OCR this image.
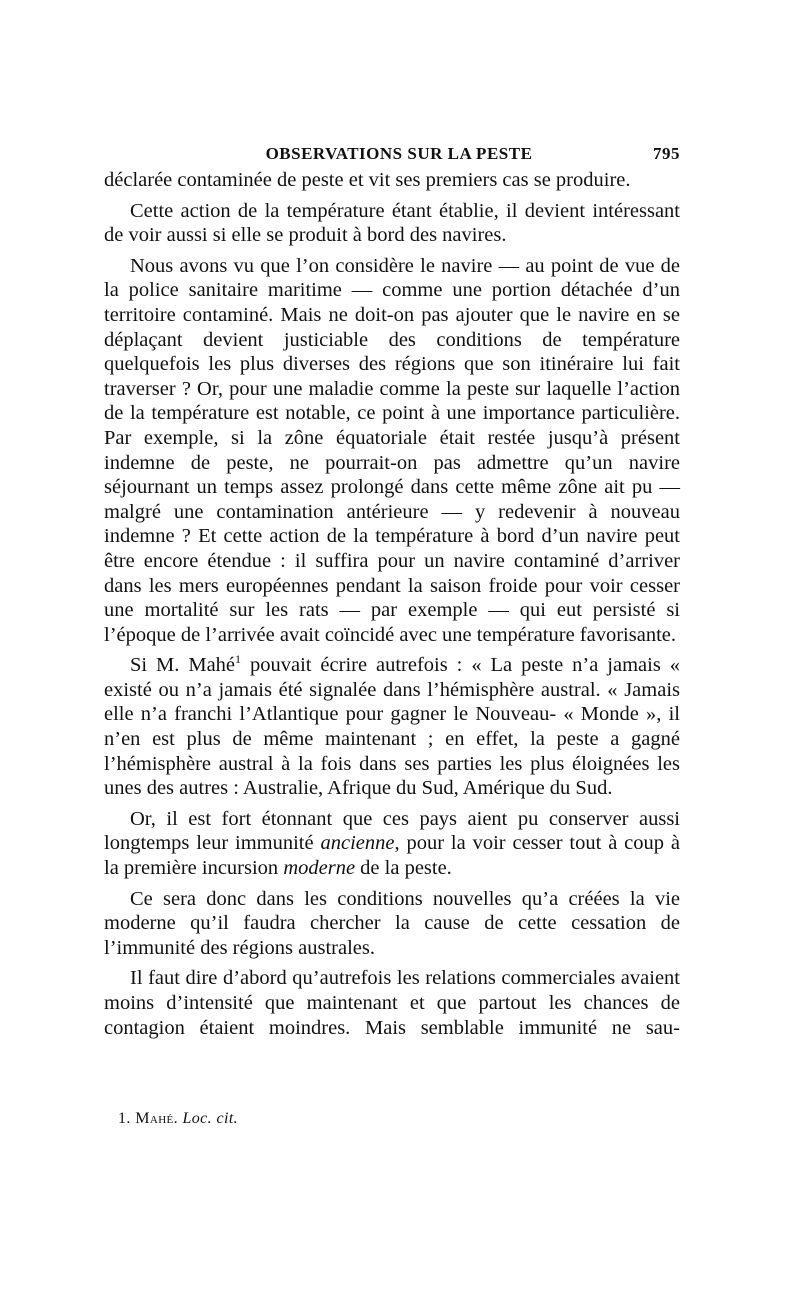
OBSERVATIONS SUR LA PESTE	795

déclarée contaminée de peste et vit ses premiers cas se produire.

Cette action de la température étant établie, il devient intéressant de voir aussi si elle se produit à bord des navires.

Nous avons vu que l’on considère le navire — au point de vue de la police sanitaire maritime — comme une portion détachée d’un territoire contaminé. Mais ne doit-on pas ajouter que le navire en se déplaçant devient justiciable des conditions de température quelquefois les plus diverses des régions que son itinéraire lui fait traverser ? Or, pour une maladie comme la peste sur laquelle l’action de la température est notable, ce point à une importance particulière. Par exemple, si la zône équatoriale était restée jusqu’à présent indemne de peste, ne pourrait-on pas admettre qu’un navire séjournant un temps assez prolongé dans cette même zône ait pu — malgré une contamination antérieure — y redevenir à nouveau indemne ? Et cette action de la température à bord d’un navire peut être encore étendue : il suffira pour un navire contaminé d’arriver dans les mers européennes pendant la saison froide pour voir cesser une mortalité sur les rats — par exemple — qui eut persisté si l’époque de l’arrivée avait coïncidé avec une température favorisante.

Si M. Mahé$^1$ pouvait écrire autrefois : « La peste n’a jamais « existé ou n’a jamais été signalée dans l’hémisphère austral. « Jamais elle n’a franchi l’Atlantique pour gagner le Nouveau- « Monde », il n’en est plus de même maintenant ; en effet, la peste a gagné l’hémisphère austral à la fois dans ses parties les plus éloignées les unes des autres : Australie, Afrique du Sud, Amérique du Sud.

Or, il est fort étonnant que ces pays aient pu conserver aussi longtemps leur immunité ancienne, pour la voir cesser tout à coup à la première incursion moderne de la peste.

Ce sera donc dans les conditions nouvelles qu’a créées la vie moderne qu’il faudra chercher la cause de cette cessation de l’immunité des régions australes.

Il faut dire d’abord qu’autrefois les relations commerciales avaient moins d’intensité que maintenant et que partout les chances de contagion étaient moindres. Mais semblable immunité ne sau-

1. Mahé. Loc. cit.
